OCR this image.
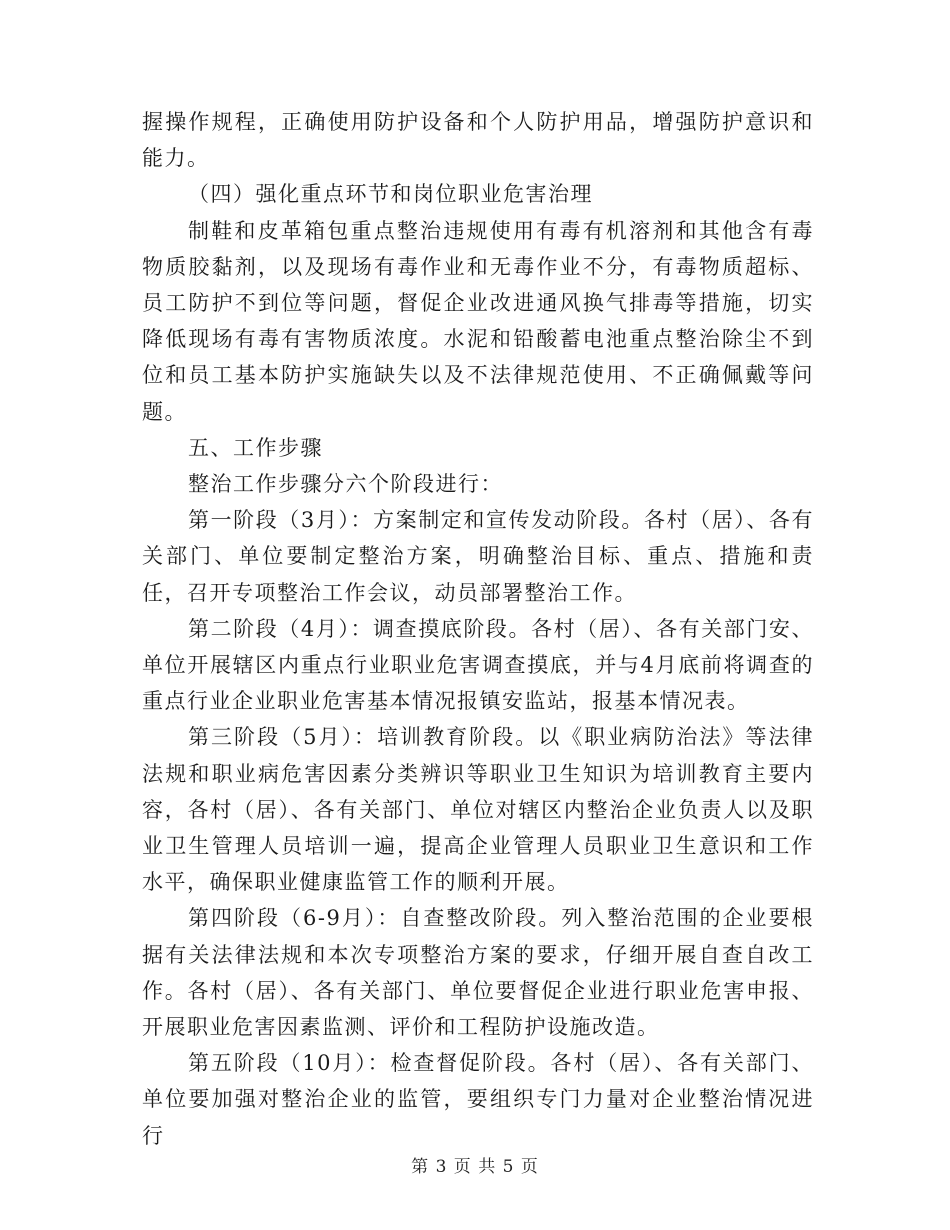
握操作规程，正确使用防护设备和个人防护用品，增强防护意识和能力。

（四）强化重点环节和岗位职业危害治理

制鞋和皮革箱包重点整治违规使用有毒有机溶剂和其他含有毒物质胶黏剂，以及现场有毒作业和无毒作业不分，有毒物质超标、员工防护不到位等问题，督促企业改进通风换气排毒等措施，切实降低现场有毒有害物质浓度。水泥和铅酸蓄电池重点整治除尘不到位和员工基本防护实施缺失以及不法律规范使用、不正确佩戴等问题。

五、工作步骤

整治工作步骤分六个阶段进行：

第一阶段（3月）：方案制定和宣传发动阶段。各村（居）、各有关部门、单位要制定整治方案，明确整治目标、重点、措施和责任，召开专项整治工作会议，动员部署整治工作。

第二阶段（4月）：调查摸底阶段。各村（居）、各有关部门安、单位开展辖区内重点行业职业危害调查摸底，并与4月底前将调查的重点行业企业职业危害基本情况报镇安监站，报基本情况表。

第三阶段（5月）：培训教育阶段。以《职业病防治法》等法律法规和职业病危害因素分类辨识等职业卫生知识为培训教育主要内容，各村（居）、各有关部门、单位对辖区内整治企业负责人以及职业卫生管理人员培训一遍，提高企业管理人员职业卫生意识和工作水平，确保职业健康监管工作的顺利开展。

第四阶段（6-9月）：自查整改阶段。列入整治范围的企业要根据有关法律法规和本次专项整治方案的要求，仔细开展自查自改工作。各村（居）、各有关部门、单位要督促企业进行职业危害申报、开展职业危害因素监测、评价和工程防护设施改造。

第五阶段（10月）：检查督促阶段。各村（居）、各有关部门、单位要加强对整治企业的监管，要组织专门力量对企业整治情况进行

第 3 页 共 5 页
